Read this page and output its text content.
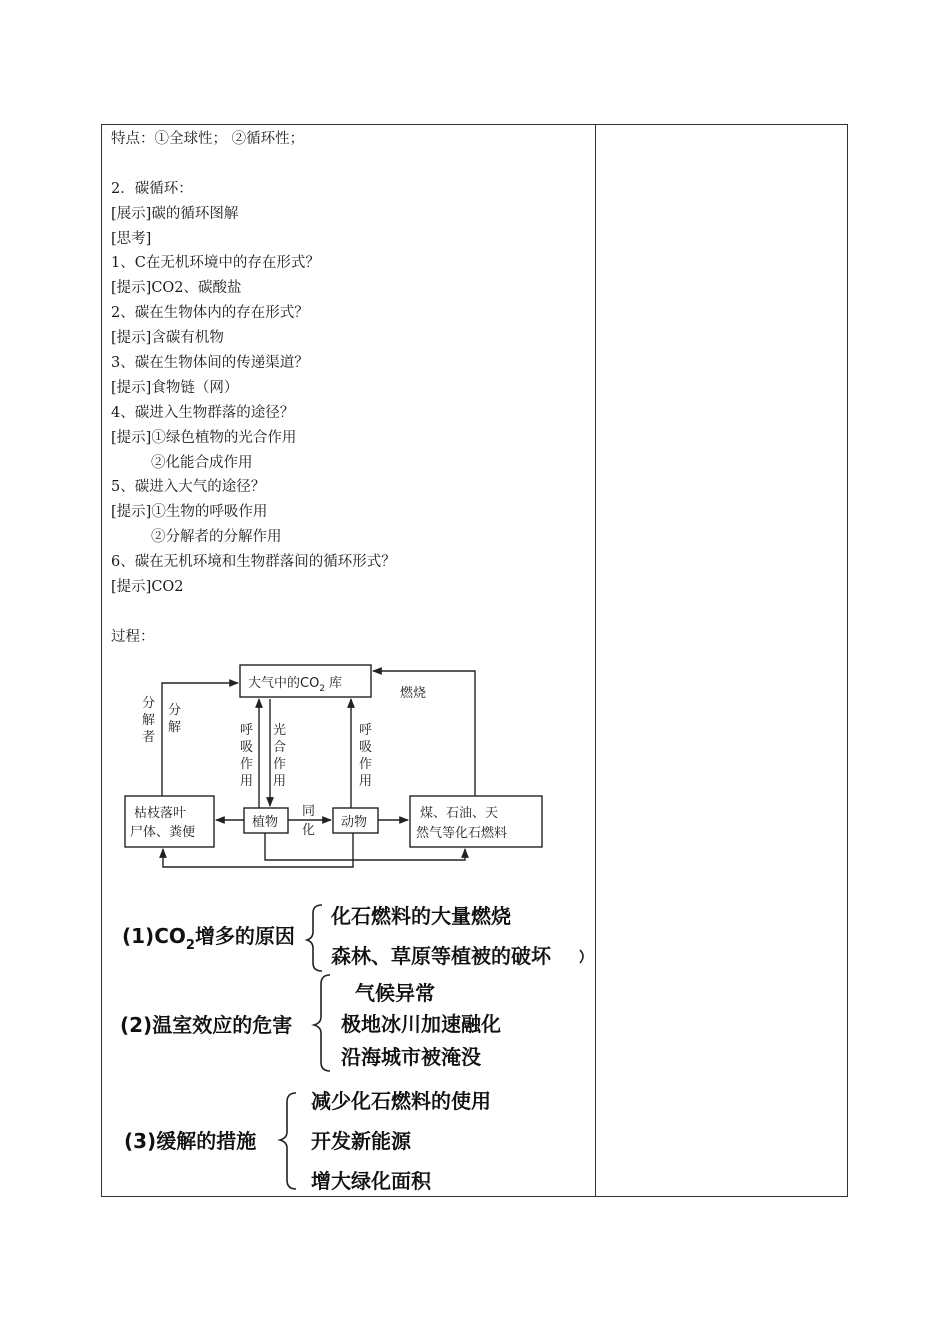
特点：①全球性； ②循环性；
2．碳循环：
[展示]碳的循环图解
[思考]
1、C在无机环境中的存在形式？
[提示]CO2、碳酸盐
2、碳在生物体内的存在形式？
[提示]含碳有机物
3、碳在生物体间的传递渠道？
[提示]食物链（网）
4、碳进入生物群落的途径？
[提示]①绿色植物的光合作用
②化能合成作用
5、碳进入大气的途径？
[提示]①生物的呼吸作用
②分解者的分解作用
6、碳在无机环境和生物群落间的循环形式？
[提示]CO2
过程：
大气中的$CO_2$ 库
燃烧
分
解
者
分
解	呼
吸
作
用
光
合
作
用
呼
吸
作
用
枯枝落叶
尸体、粪便
植物
同
化
动物
煤、石油、天
然气等化石燃料
$(1)CO_2$增多的原因
化石燃料的大量燃烧
森林、草原等植被的破坏
(2)温室效应的危害
气候异常
极地冰川加速融化
沿海城市被淹没
(3)缓解的措施
减少化石燃料的使用
开发新能源
增大绿化面积
